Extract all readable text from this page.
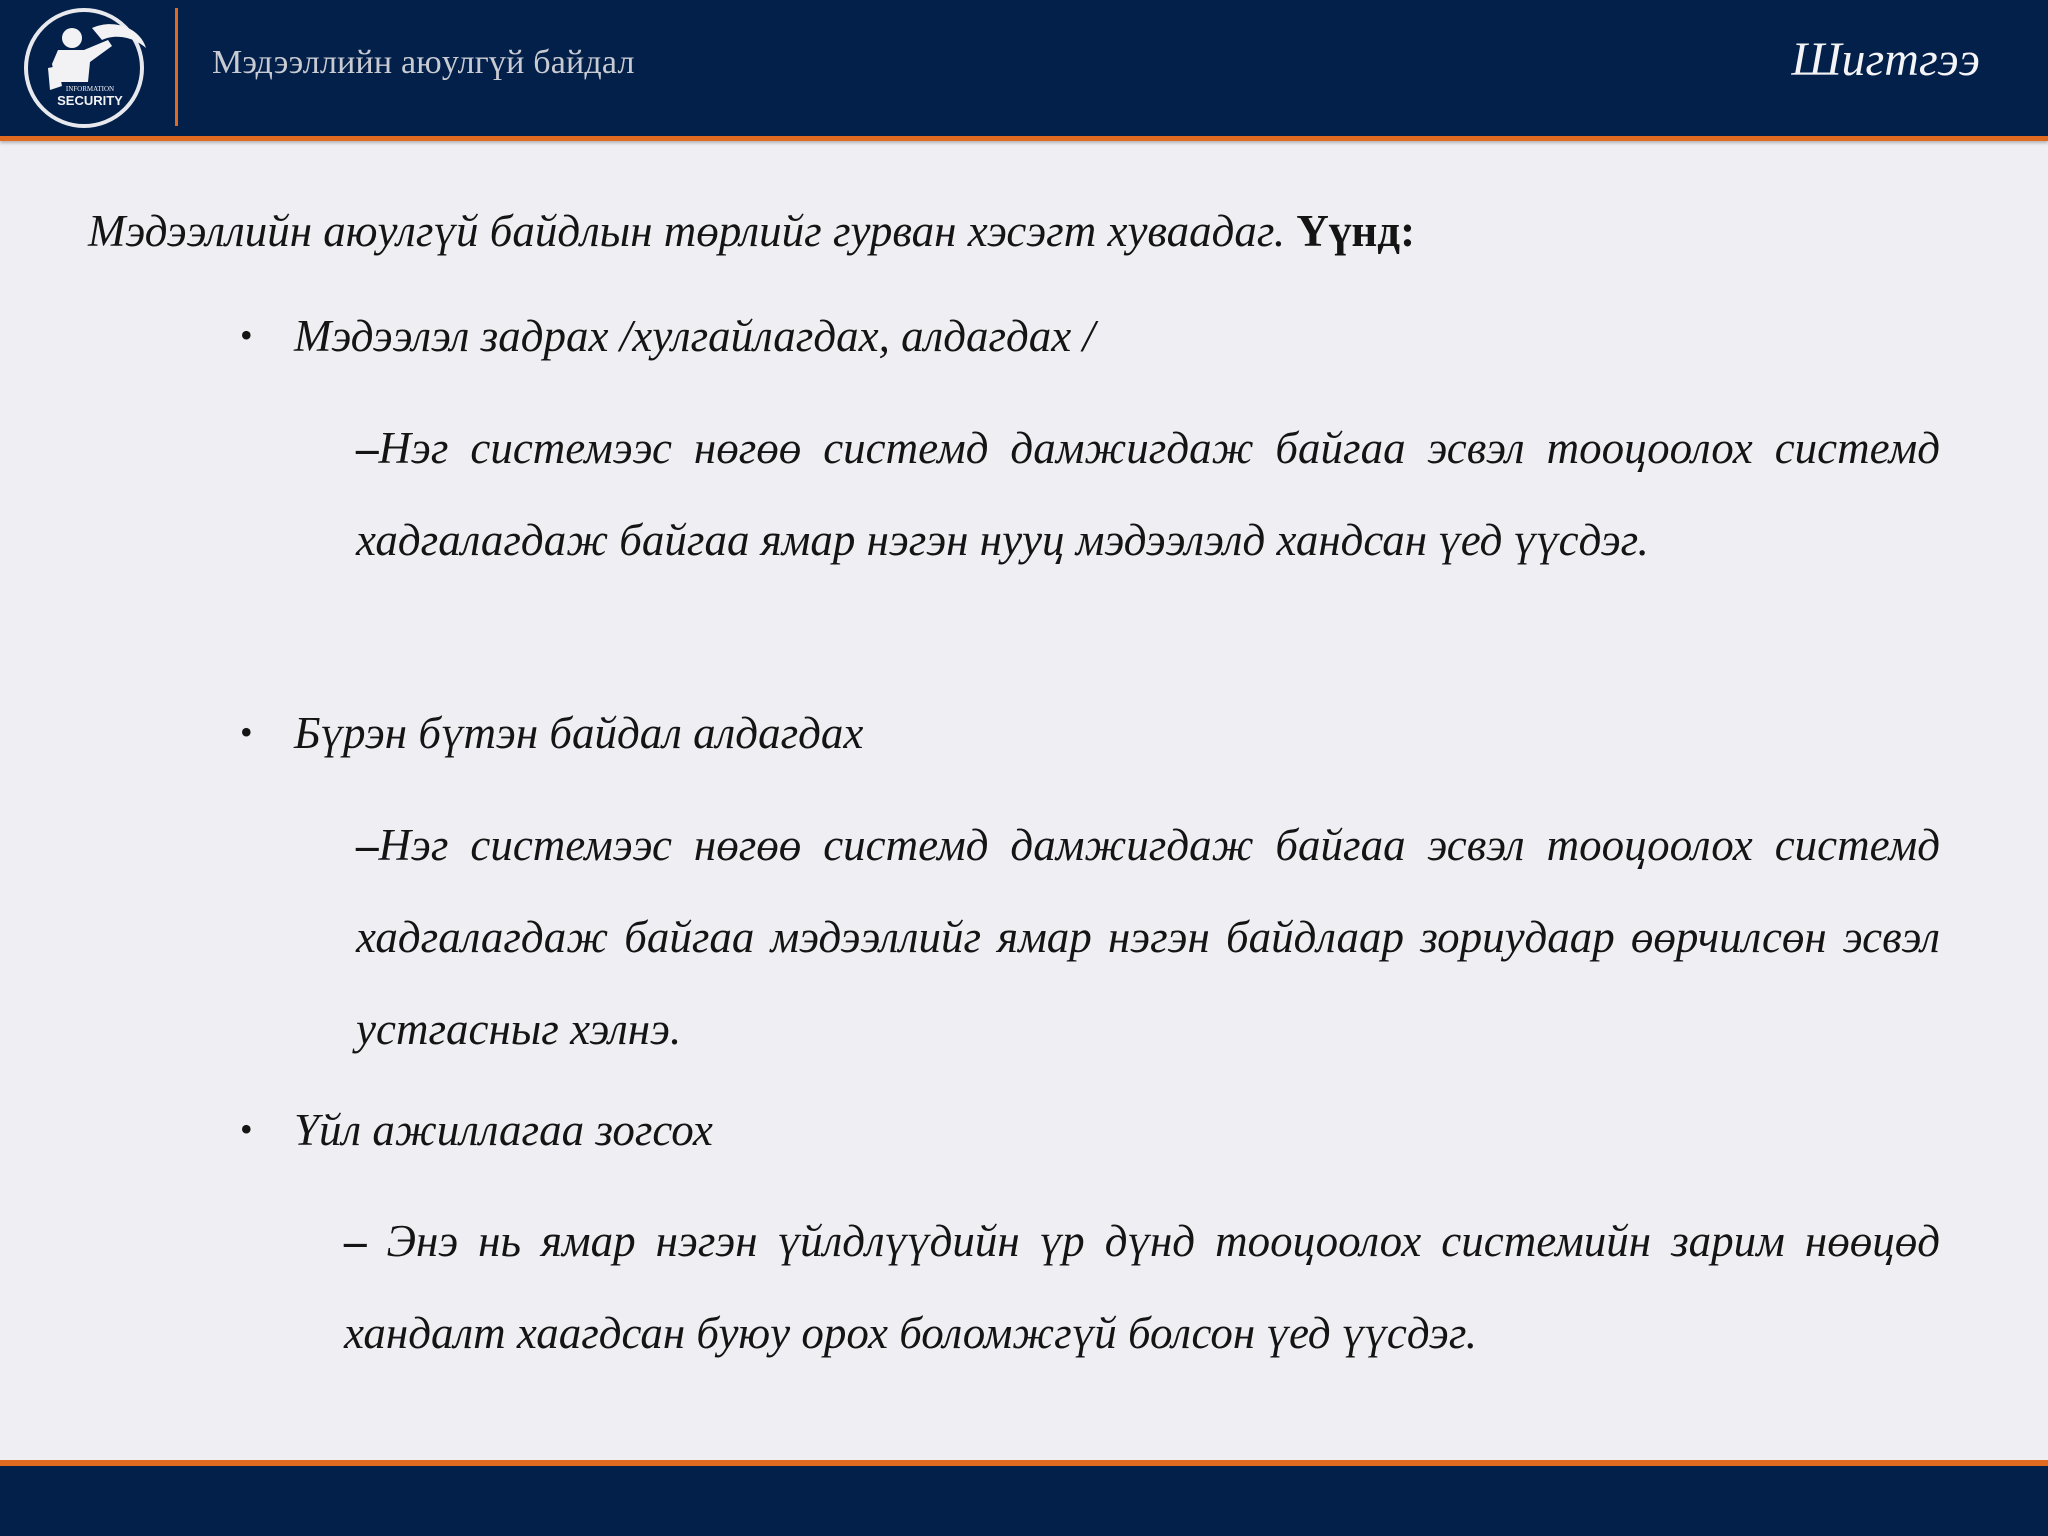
INFORMATION
SECURITY
Мэдээллийн аюулгүй байдал	Шигтгээ
Мэдээллийн аюулгүй байдлын төрлийг гурван хэсэгт хуваадаг. Үүнд:
• Мэдээлэл задрах /хулгайлагдах, алдагдах /
–Нэг системээс нөгөө системд дамжигдаж байгаа эсвэл тооцоолох системд хадгалагдаж байгаа ямар нэгэн нууц мэдээлэлд хандсан үед үүсдэг.
• Бүрэн бүтэн байдал алдагдах
–Нэг системээс нөгөө системд дамжигдаж байгаа эсвэл тооцоолох системд хадгалагдаж байгаа мэдээллийг ямар нэгэн байдлаар зориудаар өөрчилсөн эсвэл устгасныг хэлнэ.
• Үйл ажиллагаа зогсох
– Энэ нь ямар нэгэн үйлдлүүдийн үр дүнд тооцоолох системийн зарим нөөцөд хандалт хаагдсан буюу орох боломжгүй болсон үед үүсдэг.
